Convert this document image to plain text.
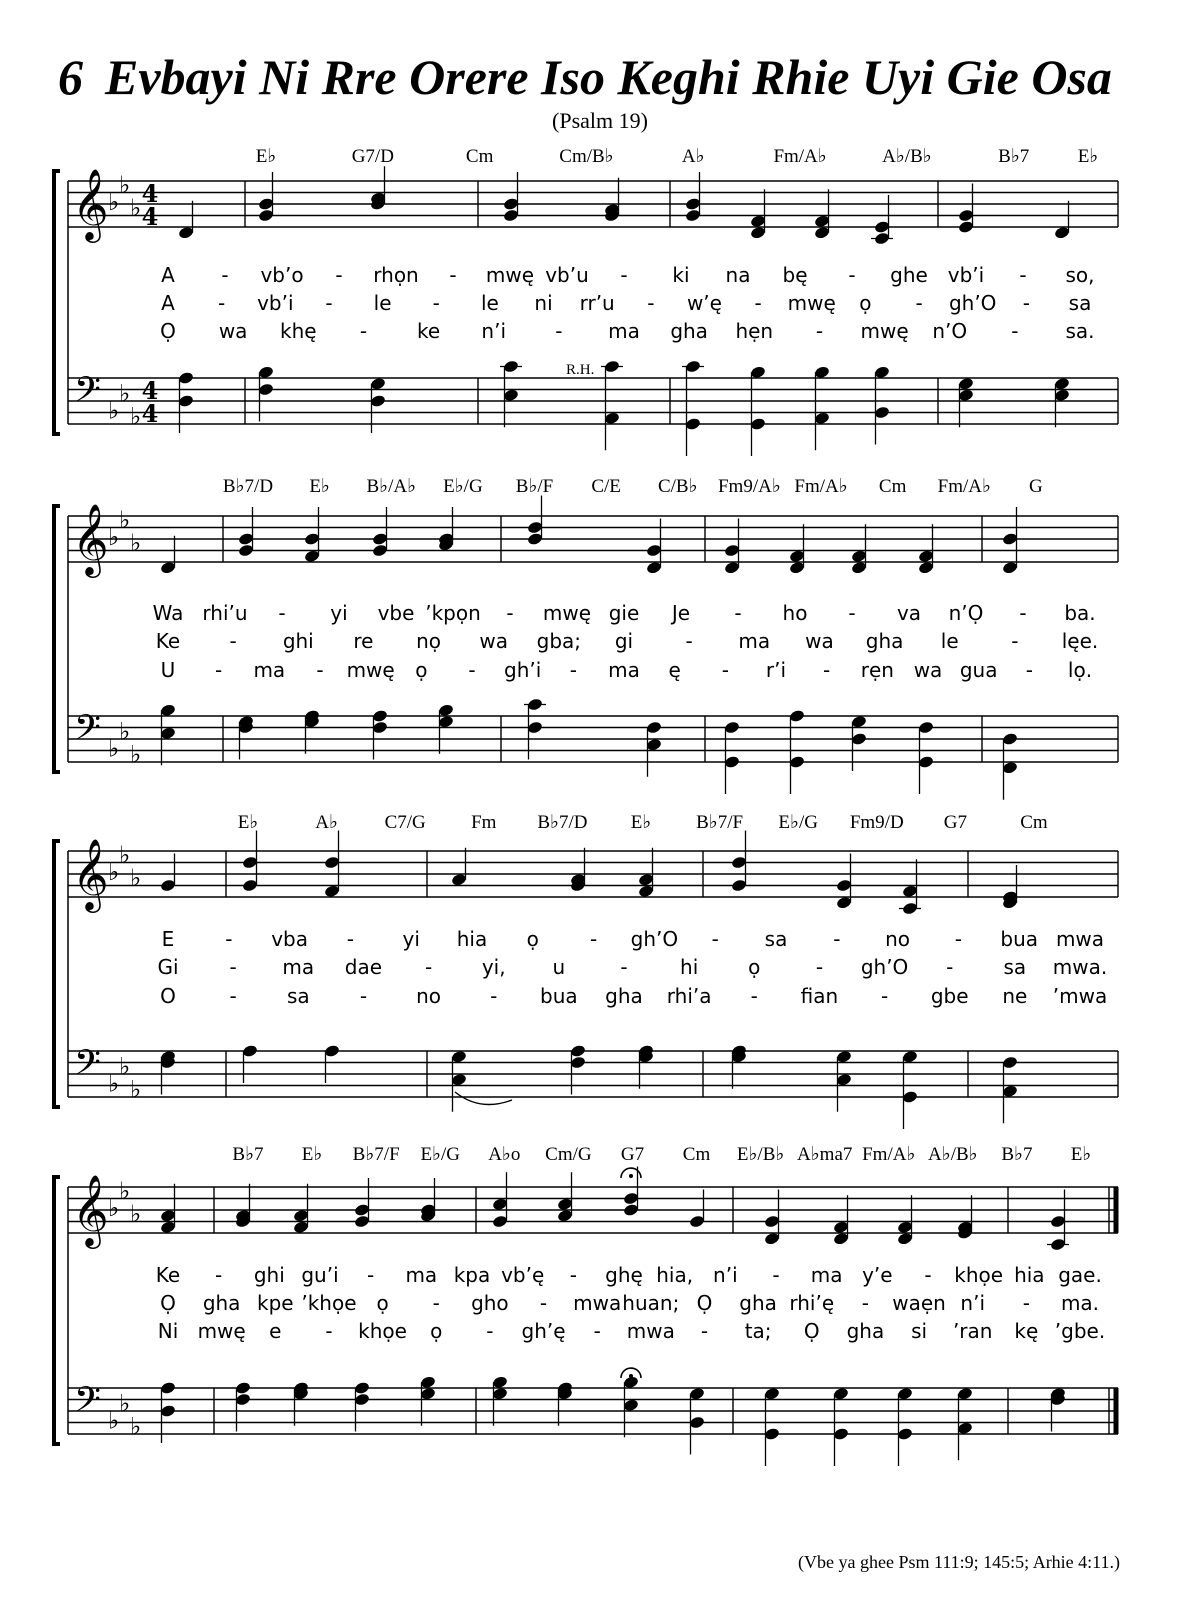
6 Evbayi Ni Rre Orere Iso Keghi Rhie Uyi Gie Osa
(Psalm 19)
𝄞
𝄢
♭
♭
♭
♭
♭
♭
4
4
4
4
E♭	G7/D	Cm	Cm/B♭	A♭	Fm/A♭	A♭/B♭	B♭7	E♭
A - vb’o - rhọn - mwę vb’u - ki na bę - ghe vb’i - so,
A - vb’i - le - le ni rr’u - w’ę - mwę ọ - gh’O - sa
Ọ wa khę - ke n’i - ma gha hẹn - mwę n’O - sa.
𝄞
𝄢
♭
♭
♭
♭
♭
♭
B♭7/D E♭ B♭/A♭ E♭/G B♭/F C/E C/B♭ Fm9/A♭ Fm/A♭ Cm Fm/A♭ G
Wa rhi’u - yi vbe ’kpọn - mwę gie Je - ho - va n’Ọ - ba.
Ke - ghi re nọ wa gba; gi	- ma wa gha le	- lęe.
U - ma - mwę ọ - gh’i - ma ę - r’i - rẹn wa gua - lọ.
𝄞
𝄢
♭
♭
♭
♭
♭
♭
E♭	A♭ C7/G Fm B♭7/D E♭ B♭7/F E♭/G Fm9/D G7	Cm
E	- vba - yi hia ọ	- gh’O - sa - no - bua mwa
Gi	- ma dae - yi, u	-	hi ọ	- gh’O -	sa mwa.
O	-	sa	- no - bua gha rhi’a - fian - gbe ne ’mwa
𝄞
𝄢
♭
♭
♭
♭
♭
♭
B♭7 E♭ B♭7/F E♭/G A♭o Cm/G G7 Cm E♭/B♭ A♭ma7 Fm/A♭ A♭/B♭ B♭7 E♭
Ke - ghi gu’i - ma kpa vb’ę - ghę hia, n’i - ma y’e - khọe hia gae.
Ọ gha kpe ’khọe ọ - gho - mwa huan; Ọ gha rhi’ę - waẹn n’i - ma.
Ni mwę e - khọe ọ - gh’ę - mwa - ta; Ọ gha si ’ran kę ’gbe.
R.H.
(Vbe ya ghee Psm 111:9; 145:5; Arhie 4:11.)
